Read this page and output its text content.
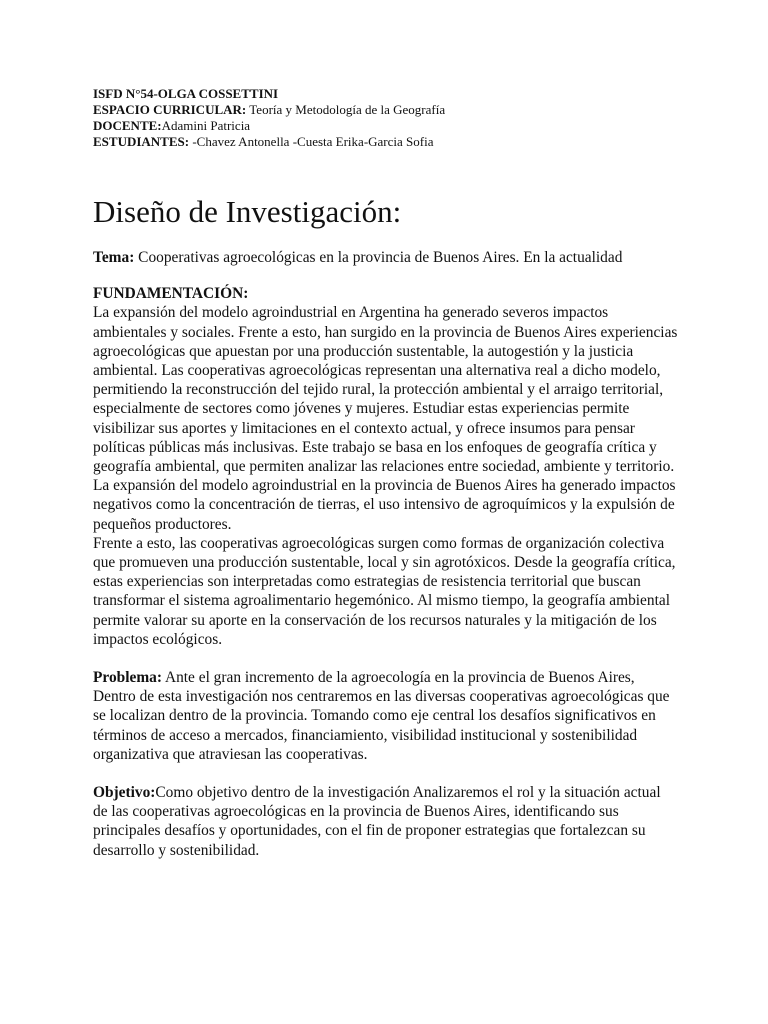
ISFD N°54-OLGA COSSETTINI

ESPACIO CURRICULAR: Teoría y Metodología de la Geografía

DOCENTE:Adamini Patricia

ESTUDIANTES: -Chavez Antonella -Cuesta Erika-Garcia Sofia

Diseño de Investigación:

Tema: Cooperativas agroecológicas en la provincia de Buenos Aires. En la actualidad

FUNDAMENTACIÓN:

La expansión del modelo agroindustrial en Argentina ha generado severos impactos ambientales y sociales. Frente a esto, han surgido en la provincia de Buenos Aires experiencias agroecológicas que apuestan por una producción sustentable, la autogestión y la justicia ambiental. Las cooperativas agroecológicas representan una alternativa real a dicho modelo, permitiendo la reconstrucción del tejido rural, la protección ambiental y el arraigo territorial, especialmente de sectores como jóvenes y mujeres. Estudiar estas experiencias permite visibilizar sus aportes y limitaciones en el contexto actual, y ofrece insumos para pensar políticas públicas más inclusivas. Este trabajo se basa en los enfoques de geografía crítica y geografía ambiental, que permiten analizar las relaciones entre sociedad, ambiente y territorio. La expansión del modelo agroindustrial en la provincia de Buenos Aires ha generado impactos negativos como la concentración de tierras, el uso intensivo de agroquímicos y la expulsión de pequeños productores.

Frente a esto, las cooperativas agroecológicas surgen como formas de organización colectiva que promueven una producción sustentable, local y sin agrotóxicos. Desde la geografía crítica, estas experiencias son interpretadas como estrategias de resistencia territorial que buscan transformar el sistema agroalimentario hegemónico. Al mismo tiempo, la geografía ambiental permite valorar su aporte en la conservación de los recursos naturales y la mitigación de los impactos ecológicos.

Problema: Ante el gran incremento de la agroecología en la provincia de Buenos Aires, Dentro de esta investigación nos centraremos en las diversas cooperativas agroecológicas que se localizan dentro de la provincia. Tomando como eje central los desafíos significativos en términos de acceso a mercados, financiamiento, visibilidad institucional y sostenibilidad organizativa que atraviesan las cooperativas.

Objetivo:Como objetivo dentro de la investigación Analizaremos el rol y la situación actual de las cooperativas agroecológicas en la provincia de Buenos Aires, identificando sus principales desafíos y oportunidades, con el fin de proponer estrategias que fortalezcan su desarrollo y sostenibilidad.
